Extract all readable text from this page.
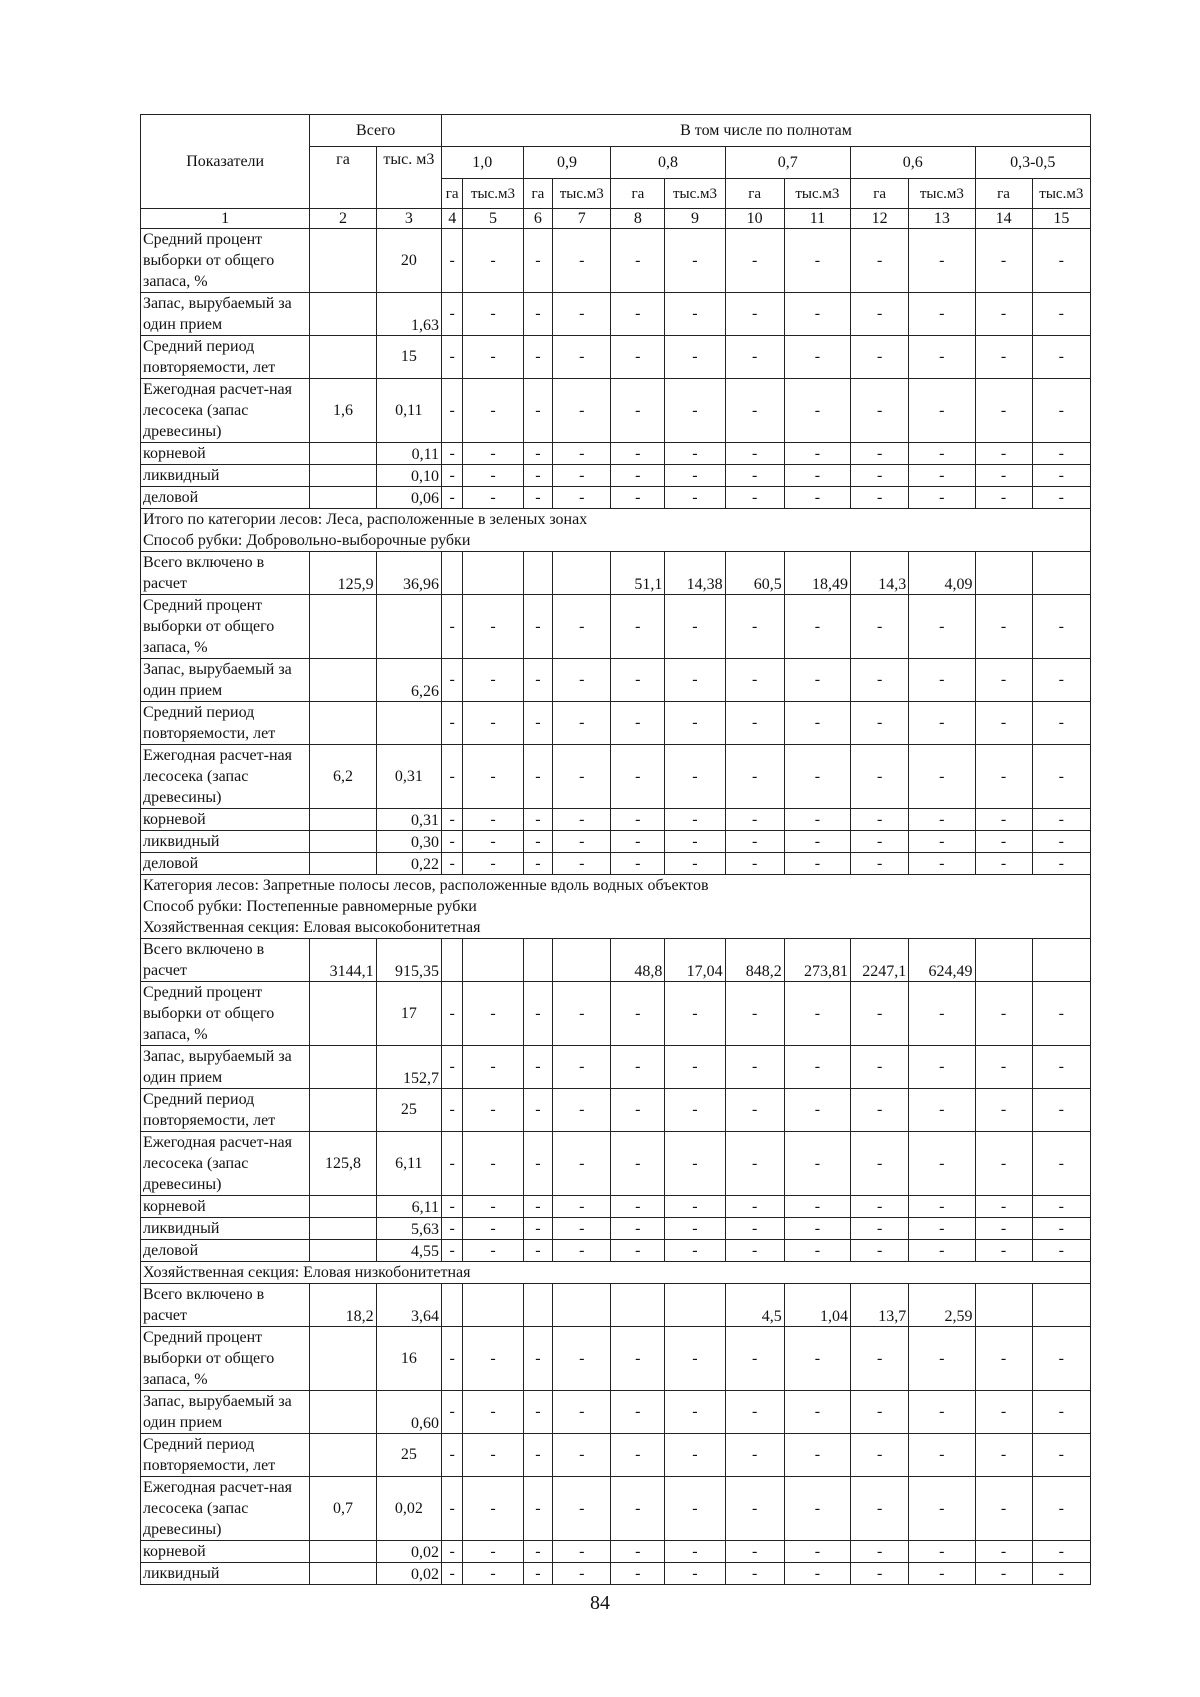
Показатели	Всего		В том числе по полнотам											
	га	тыс. м3	1,0		0,9		0,8		0,7		0,6		0,3-0,5	
			га	тыс.м3	га	тыс.м3	га	тыс.м3	га	тыс.м3	га	тыс.м3	га	тыс.м3
1	2	3	4	5	6	7	8	9	10	11	12	13	14	15
Средний процент выборки от общего запаса, %		20	-	-	-	-	-	-	-	-	-	-	-	-
Запас, вырубаемый за один прием		1,63	-	-	-	-	-	-	-	-	-	-	-	-
Средний период повторяемости, лет		15	-	-	-	-	-	-	-	-	-	-	-	-
Ежегодная расчет-ная лесосека (запас древесины)	1,6	0,11	-	-	-	-	-	-	-	-	-	-	-	-
корневой		0,11	-	-	-	-	-	-	-	-	-	-	-	-
ликвидный		0,10	-	-	-	-	-	-	-	-	-	-	-	-
деловой		0,06	-	-	-	-	-	-	-	-	-	-	-	-
Итого по категории лесов: Леса, расположенные в зеленых зонах
Способ рубки: Добровольно-выборочные рубки														
Всего включено в расчет	125,9	36,96					51,1	14,38	60,5	18,49	14,3	4,09		
Средний процент выборки от общего запаса, %			-	-	-	-	-	-	-	-	-	-	-	-
Запас, вырубаемый за один прием		6,26	-	-	-	-	-	-	-	-	-	-	-	-
Средний период повторяемости, лет			-	-	-	-	-	-	-	-	-	-	-	-
Ежегодная расчет-ная лесосека (запас древесины)	6,2	0,31	-	-	-	-	-	-	-	-	-	-	-	-
корневой		0,31	-	-	-	-	-	-	-	-	-	-	-	-
ликвидный		0,30	-	-	-	-	-	-	-	-	-	-	-	-
деловой		0,22	-	-	-	-	-	-	-	-	-	-	-	-
Категория лесов: Запретные полосы лесов, расположенные вдоль водных объектов
Способ рубки: Постепенные равномерные рубки
Хозяйственная секция: Еловая высокобонитетная														
Всего включено в расчет	3144,1	915,35					48,8	17,04	848,2	273,81	2247,1	624,49		
Средний процент выборки от общего запаса, %		17	-	-	-	-	-	-	-	-	-	-	-	-
Запас, вырубаемый за один прием		152,7	-	-	-	-	-	-	-	-	-	-	-	-
Средний период повторяемости, лет		25	-	-	-	-	-	-	-	-	-	-	-	-
Ежегодная расчет-ная лесосека (запас древесины)	125,8	6,11	-	-	-	-	-	-	-	-	-	-	-	-
корневой		6,11	-	-	-	-	-	-	-	-	-	-	-	-
ликвидный		5,63	-	-	-	-	-	-	-	-	-	-	-	-
деловой		4,55	-	-	-	-	-	-	-	-	-	-	-	-
Хозяйственная секция: Еловая низкобонитетная														
Всего включено в расчет	18,2	3,64							4,5	1,04	13,7	2,59		
Средний процент выборки от общего запаса, %		16	-	-	-	-	-	-	-	-	-	-	-	-
Запас, вырубаемый за один прием		0,60	-	-	-	-	-	-	-	-	-	-	-	-
Средний период повторяемости, лет		25	-	-	-	-	-	-	-	-	-	-	-	-
Ежегодная расчет-ная лесосека (запас древесины)	0,7	0,02	-	-	-	-	-	-	-	-	-	-	-	-
корневой		0,02	-	-	-	-	-	-	-	-	-	-	-	-
ликвидный		0,02	-	-	-	-	-	-	-	-	-	-	-	-
84
